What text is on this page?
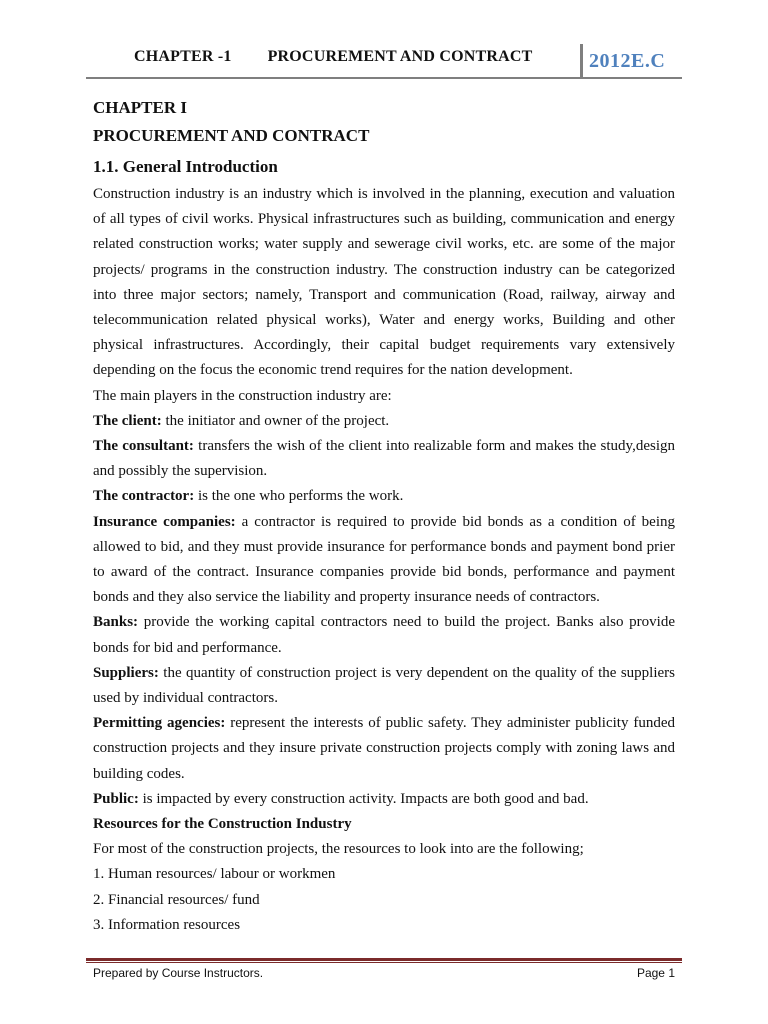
CHAPTER -1 PROCUREMENT AND CONTRACT	2012E.C
CHAPTER I
PROCUREMENT AND CONTRACT
1.1. General Introduction

Construction industry is an industry which is involved in the planning, execution and valuation of all types of civil works. Physical infrastructures such as building, communication and energy related construction works; water supply and sewerage civil works, etc. are some of the major projects/ programs in the construction industry. The construction industry can be categorized into three major sectors; namely, Transport and communication (Road, railway, airway and telecommunication related physical works), Water and energy works, Building and other physical infrastructures. Accordingly, their capital budget requirements vary extensively depending on the focus the economic trend requires for the nation development.

The main players in the construction industry are:

The client: the initiator and owner of the project.

The consultant: transfers the wish of the client into realizable form and makes the study,design and possibly the supervision.

The contractor: is the one who performs the work.

Insurance companies: a contractor is required to provide bid bonds as a condition of being allowed to bid, and they must provide insurance for performance bonds and payment bond prier to award of the contract. Insurance companies provide bid bonds, performance and payment bonds and they also service the liability and property insurance needs of contractors.

Banks: provide the working capital contractors need to build the project. Banks also provide bonds for bid and performance.

Suppliers: the quantity of construction project is very dependent on the quality of the suppliers used by individual contractors.

Permitting agencies: represent the interests of public safety. They administer publicity funded construction projects and they insure private construction projects comply with zoning laws and building codes.

Public: is impacted by every construction activity. Impacts are both good and bad.

Resources for the Construction Industry

For most of the construction projects, the resources to look into are the following;

1. Human resources/ labour or workmen

2. Financial resources/ fund

3. Information resources

Prepared by Course Instructors.	Page 1
